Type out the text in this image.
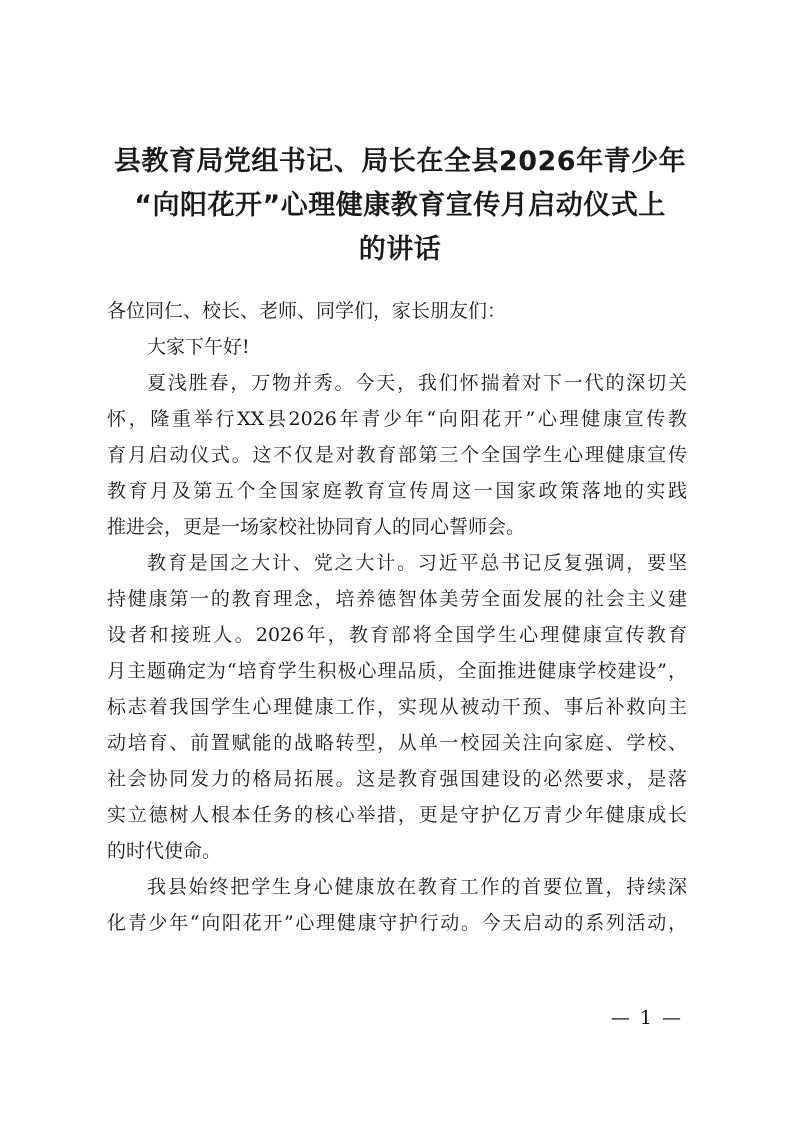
县教育局党组书记、局长在全县2026年青少年
“向阳花开”心理健康教育宣传月启动仪式上
的讲话
各位同仁、校长、老师、同学们，家长朋友们：
大家下午好!
夏浅胜春，万物并秀。今天，我们怀揣着对下一代的深切关
怀，隆重举行XX县2026年青少年“向阳花开”心理健康宣传教
育月启动仪式。这不仅是对教育部第三个全国学生心理健康宣传
教育月及第五个全国家庭教育宣传周这一国家政策落地的实践
推进会，更是一场家校社协同育人的同心誓师会。
教育是国之大计、党之大计。习近平总书记反复强调，要坚
持健康第一的教育理念，培养德智体美劳全面发展的社会主义建
设者和接班人。2026年，教育部将全国学生心理健康宣传教育
月主题确定为“培育学生积极心理品质，全面推进健康学校建设”，
标志着我国学生心理健康工作，实现从被动干预、事后补救向主
动培育、前置赋能的战略转型，从单一校园关注向家庭、学校、
社会协同发力的格局拓展。这是教育强国建设的必然要求，是落
实立德树人根本任务的核心举措，更是守护亿万青少年健康成长
的时代使命。
我县始终把学生身心健康放在教育工作的首要位置，持续深
化青少年“向阳花开”心理健康守护行动。今天启动的系列活动，
— 1 —
